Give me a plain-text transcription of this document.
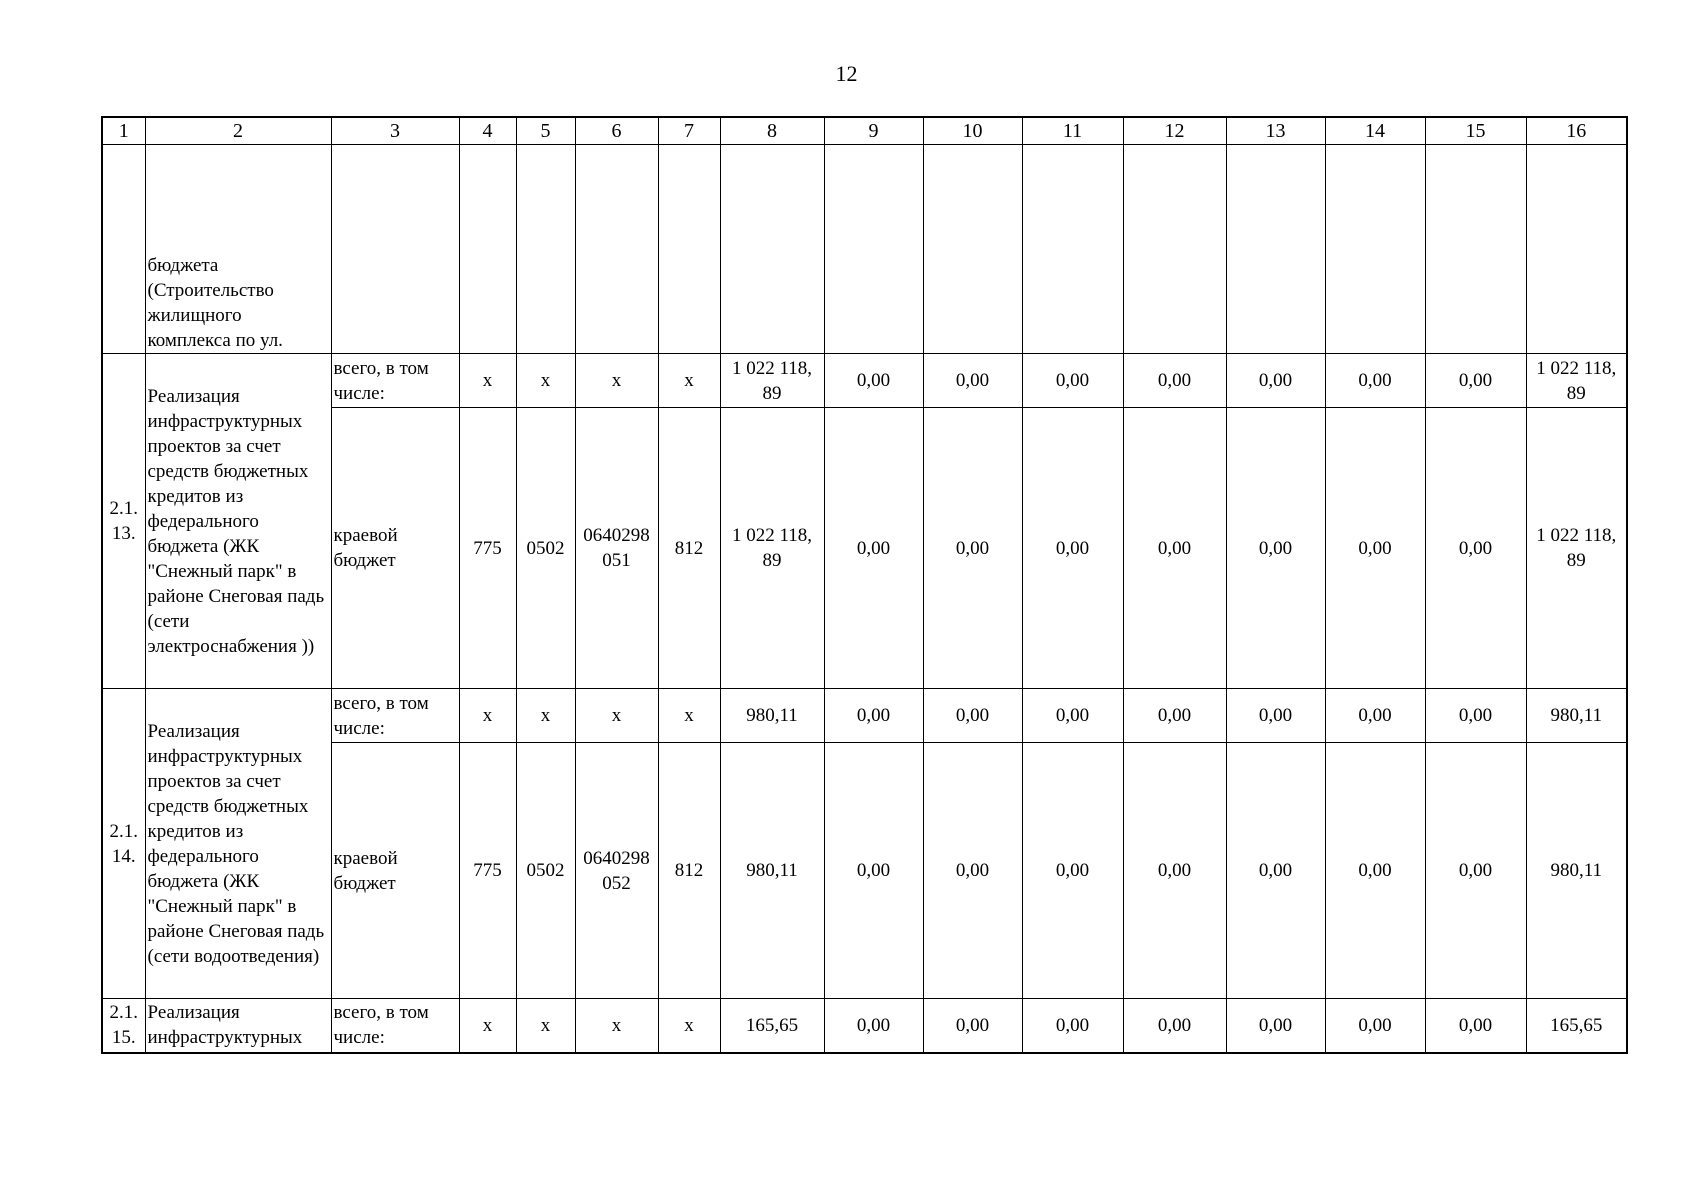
12
1	2	3	4	5	6	7	8	9	10	11	12	13	14	15	16
	бюджета (Строительство жилищного комплекса по ул.														
2.1. 13.	Реализация инфраструктурных проектов за счет средств бюджетных кредитов из федерального бюджета (ЖК "Снежный парк" в районе Снеговая падь (сети электроснабжения ))	всего, в том числе:	х	х	х	х	1 022 118, 89	0,00	0,00	0,00	0,00	0,00	0,00	0,00	1 022 118, 89
		краевой бюджет	775	0502	0640298 051	812	1 022 118, 89	0,00	0,00	0,00	0,00	0,00	0,00	0,00	1 022 118, 89
2.1. 14.	Реализация инфраструктурных проектов за счет средств бюджетных кредитов из федерального бюджета (ЖК "Снежный парк" в районе Снеговая падь (сети водоотведения)	всего, в том числе:	х	х	х	х	980,11	0,00	0,00	0,00	0,00	0,00	0,00	0,00	980,11
		краевой бюджет	775	0502	0640298 052	812	980,11	0,00	0,00	0,00	0,00	0,00	0,00	0,00	980,11
2.1. 15.	Реализация инфраструктурных	всего, в том числе:	х	х	х	х	165,65	0,00	0,00	0,00	0,00	0,00	0,00	0,00	165,65
